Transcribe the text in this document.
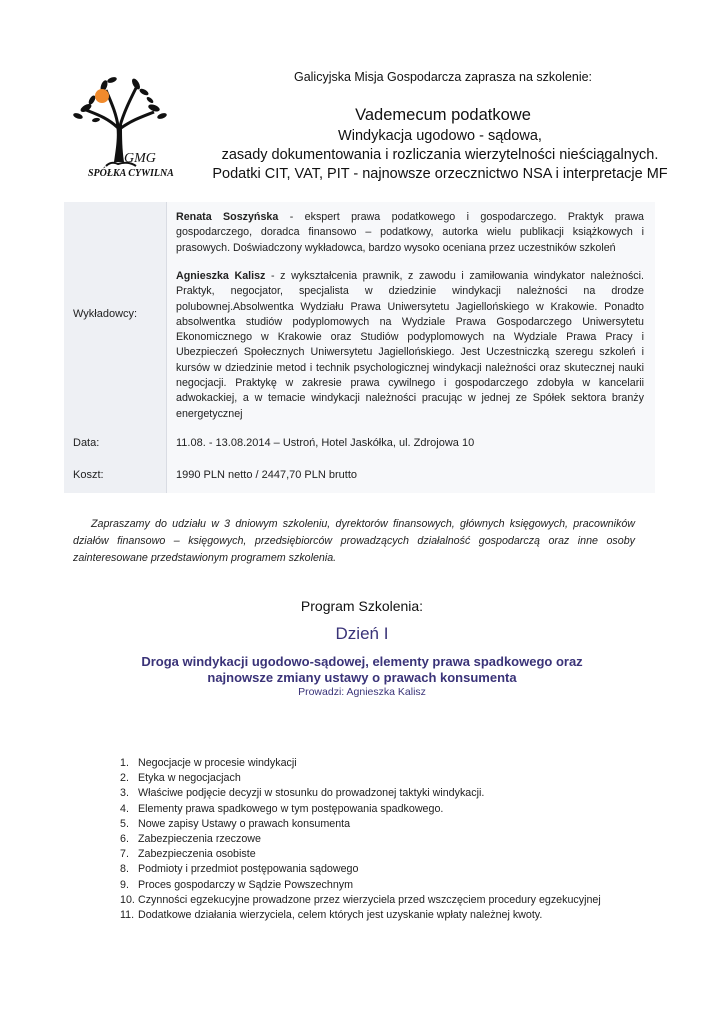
GMG
SPÓŁKA CYWILNA
Galicyjska Misja Gospodarcza zaprasza na szkolenie:
Vademecum podatkowe
Windykacja ugodowo - sądowa,
zasady dokumentowania i rozliczania wierzytelności nieściągalnych.
Podatki CIT, VAT, PIT - najnowsze orzecznictwo NSA i interpretacje MF
Wykładowcy:
Renata Soszyńska - ekspert prawa podatkowego i gospodarczego. Praktyk prawa gospodarczego, doradca finansowo – podatkowy, autorka wielu publikacji książkowych i prasowych. Doświadczony wykładowca, bardzo wysoko oceniana przez uczestników szkoleń
Agnieszka Kalisz - z wykształcenia prawnik, z zawodu i zamiłowania windykator należności. Praktyk, negocjator, specjalista w dziedzinie windykacji należności na drodze polubownej.Absolwentka Wydziału Prawa Uniwersytetu Jagiellońskiego w Krakowie. Ponadto absolwentka studiów podyplomowych na Wydziale Prawa Gospodarczego Uniwersytetu Ekonomicznego w Krakowie oraz Studiów podyplomowych na Wydziale Prawa Pracy i Ubezpieczeń Społecznych Uniwersytetu Jagiellońskiego. Jest Uczestniczką szeregu szkoleń i kursów w dziedzinie metod i technik psychologicznej windykacji należności oraz skutecznej nauki negocjacji. Praktykę w zakresie prawa cywilnego i gospodarczego zdobyła w kancelarii adwokackiej, a w temacie windykacji należności pracując w jednej ze Spółek sektora branży energetycznej
Data:	11.08. - 13.08.2014 – Ustroń, Hotel Jaskółka, ul. Zdrojowa 10
Koszt:	1990 PLN netto / 2447,70 PLN brutto
Zapraszamy do udziału w 3 dniowym szkoleniu, dyrektorów finansowych, głównych księgowych, pracowników działów finansowo – księgowych, przedsiębiorców prowadzących działalność gospodarczą oraz inne osoby zainteresowane przedstawionym programem szkolenia.
Program Szkolenia:
Dzień I
Droga windykacji ugodowo-sądowej, elementy prawa spadkowego oraz
najnowsze zmiany ustawy o prawach konsumenta
Prowadzi: Agnieszka Kalisz
1. Negocjacje w procesie windykacji
2. Etyka w negocjacjach
3. Właściwe podjęcie decyzji w stosunku do prowadzonej taktyki windykacji.
4. Elementy prawa spadkowego w tym postępowania spadkowego.
5. Nowe zapisy Ustawy o prawach konsumenta
6. Zabezpieczenia rzeczowe
7. Zabezpieczenia osobiste
8. Podmioty i przedmiot postępowania sądowego
9. Proces gospodarczy w Sądzie Powszechnym
10. Czynności egzekucyjne prowadzone przez wierzyciela przed wszczęciem procedury egzekucyjnej
11. Dodatkowe działania wierzyciela, celem których jest uzyskanie wpłaty należnej kwoty.
